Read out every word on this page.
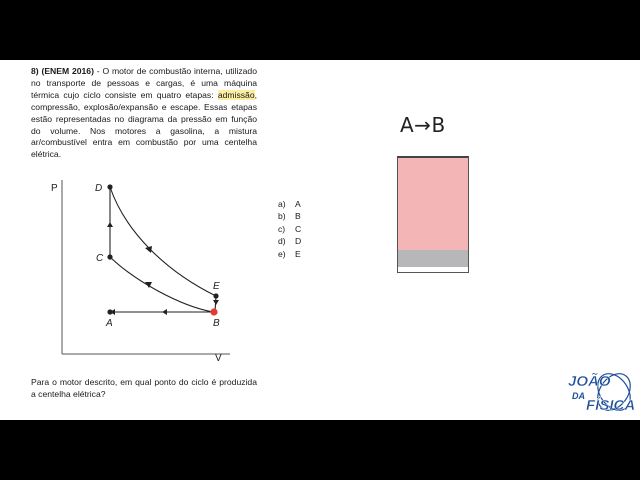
8) (ENEM 2016) - O motor de combustão interna, utilizado no transporte de pessoas e cargas, é uma máquina térmica cujo ciclo consiste em quatro etapas: admissão, compressão, explosão/expansão e escape. Essas etapas estão representadas no diagrama da pressão em função do volume. Nos motores a gasolina, a mistura ar/combustível entra em combustão por uma centelha elétrica.

P
V
D
C
A
E
B
a)	A
b)	B
c)	C
d)	D
e)	E
A→B

Para o motor descrito, em qual ponto do ciclo é produzida a centelha elétrica?

JOÃO
DA
FÍSICA
